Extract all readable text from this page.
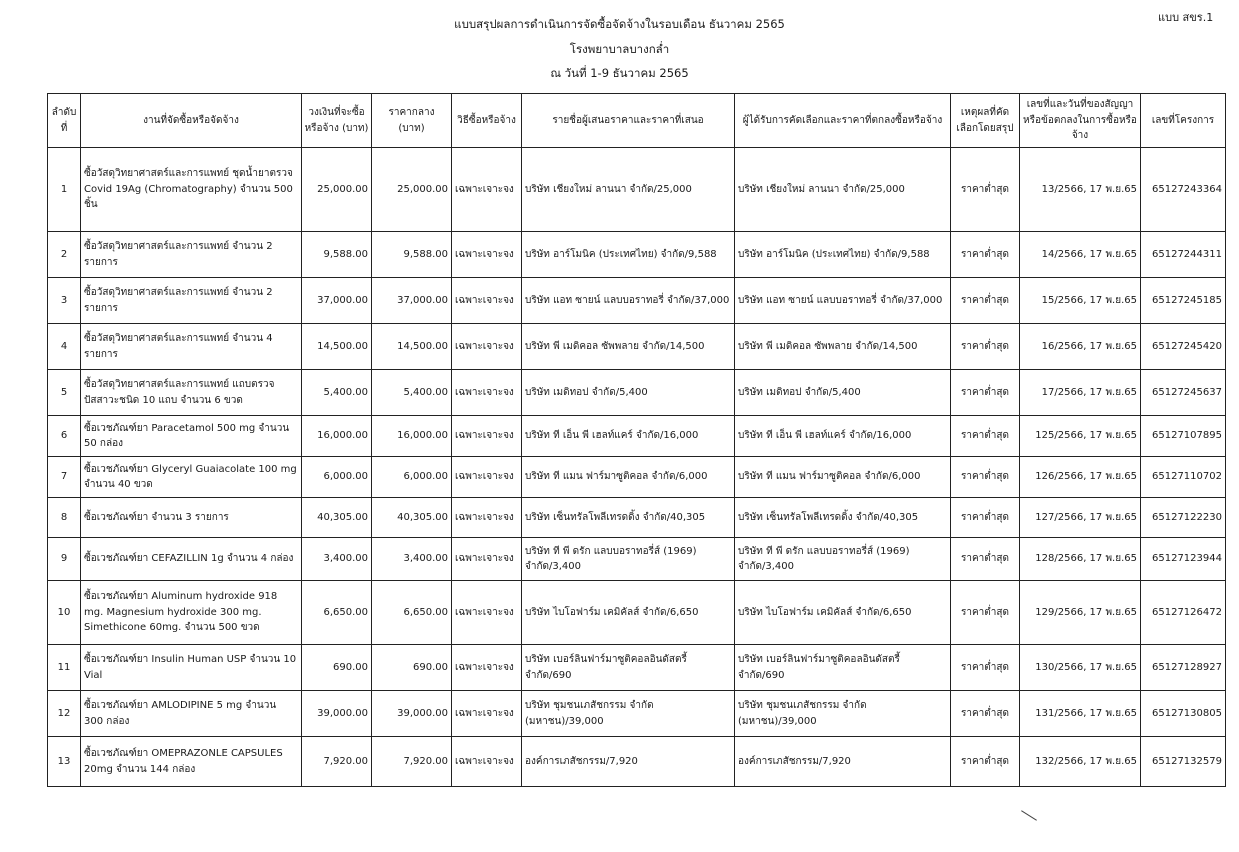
แบบ สขร.1
แบบสรุปผลการดำเนินการจัดซื้อจัดจ้างในรอบเดือน ธันวาคม 2565
โรงพยาบาลบางกล่ำ
ณ วันที่ 1-9 ธันวาคม 2565
ลำดับที่	งานที่จัดซื้อหรือจัดจ้าง	วงเงินที่จะซื้อหรือจ้าง (บาท)	ราคากลาง (บาท)	วิธีซื้อหรือจ้าง	รายชื่อผู้เสนอราคาและราคาที่เสนอ	ผู้ได้รับการคัดเลือกและราคาที่ตกลงซื้อหรือจ้าง	เหตุผลที่คัดเลือกโดยสรุป	เลขที่และวันที่ของสัญญาหรือข้อตกลงในการซื้อหรือจ้าง	เลขที่โครงการ
1	ซื้อวัสดุวิทยาศาสตร์และการแพทย์ ชุดน้ำยาตรวจ Covid 19Ag (Chromatography) จำนวน 500 ชิ้น	25,000.00	25,000.00	เฉพาะเจาะจง	บริษัท เชียงใหม่ ลานนา จำกัด/25,000	บริษัท เชียงใหม่ ลานนา จำกัด/25,000	ราคาต่ำสุด	13/2566, 17 พ.ย.65	65127243364
2	ซื้อวัสดุวิทยาศาสตร์และการแพทย์ จำนวน 2 รายการ	9,588.00	9,588.00	เฉพาะเจาะจง	บริษัท อาร์โมนิค (ประเทศไทย) จำกัด/9,588	บริษัท อาร์โมนิค (ประเทศไทย) จำกัด/9,588	ราคาต่ำสุด	14/2566, 17 พ.ย.65	65127244311
3	ซื้อวัสดุวิทยาศาสตร์และการแพทย์ จำนวน 2 รายการ	37,000.00	37,000.00	เฉพาะเจาะจง	บริษัท แอท ซายน์ แลบบอราทอรี่ จำกัด/37,000	บริษัท แอท ซายน์ แลบบอราทอรี่ จำกัด/37,000	ราคาต่ำสุด	15/2566, 17 พ.ย.65	65127245185
4	ซื้อวัสดุวิทยาศาสตร์และการแพทย์ จำนวน 4 รายการ	14,500.00	14,500.00	เฉพาะเจาะจง	บริษัท พี เมดิคอล ซัพพลาย จำกัด/14,500	บริษัท พี เมดิคอล ซัพพลาย จำกัด/14,500	ราคาต่ำสุด	16/2566, 17 พ.ย.65	65127245420
5	ซื้อวัสดุวิทยาศาสตร์และการแพทย์ แถบตรวจปัสสาวะชนิด 10 แถบ จำนวน 6 ขวด	5,400.00	5,400.00	เฉพาะเจาะจง	บริษัท เมดิทอป จำกัด/5,400	บริษัท เมดิทอป จำกัด/5,400	ราคาต่ำสุด	17/2566, 17 พ.ย.65	65127245637
6	ซื้อเวชภัณฑ์ยา Paracetamol 500 mg จำนวน 50 กล่อง	16,000.00	16,000.00	เฉพาะเจาะจง	บริษัท ที เอ็น พี เฮลท์แคร์ จำกัด/16,000	บริษัท ที เอ็น พี เฮลท์แคร์ จำกัด/16,000	ราคาต่ำสุด	125/2566, 17 พ.ย.65	65127107895
7	ซื้อเวชภัณฑ์ยา Glyceryl Guaiacolate 100 mg จำนวน 40 ขวด	6,000.00	6,000.00	เฉพาะเจาะจง	บริษัท ที แมน ฟาร์มาซูติคอล จำกัด/6,000	บริษัท ที แมน ฟาร์มาซูติคอล จำกัด/6,000	ราคาต่ำสุด	126/2566, 17 พ.ย.65	65127110702
8	ซื้อเวชภัณฑ์ยา จำนวน 3 รายการ	40,305.00	40,305.00	เฉพาะเจาะจง	บริษัท เซ็นทรัลโพลีเทรดดิ้ง จำกัด/40,305	บริษัท เซ็นทรัลโพลีเทรดดิ้ง จำกัด/40,305	ราคาต่ำสุด	127/2566, 17 พ.ย.65	65127122230
9	ซื้อเวชภัณฑ์ยา CEFAZILLIN 1g จำนวน 4 กล่อง	3,400.00	3,400.00	เฉพาะเจาะจง	บริษัท ที พี ดรัก แลบบอราทอรี่ส์ (1969) จำกัด/3,400	บริษัท ที พี ดรัก แลบบอราทอรี่ส์ (1969) จำกัด/3,400	ราคาต่ำสุด	128/2566, 17 พ.ย.65	65127123944
10	ซื้อเวชภัณฑ์ยา Aluminum hydroxide 918 mg. Magnesium hydroxide 300 mg. Simethicone 60mg. จำนวน 500 ขวด	6,650.00	6,650.00	เฉพาะเจาะจง	บริษัท ไบโอฟาร์ม เคมิคัลส์ จำกัด/6,650	บริษัท ไบโอฟาร์ม เคมิคัลส์ จำกัด/6,650	ราคาต่ำสุด	129/2566, 17 พ.ย.65	65127126472
11	ซื้อเวชภัณฑ์ยา Insulin Human USP จำนวน 10 Vial	690.00	690.00	เฉพาะเจาะจง	บริษัท เบอร์ลินฟาร์มาซูติคอลอินดัสตรี้ จำกัด/690	บริษัท เบอร์ลินฟาร์มาซูติคอลอินดัสตรี้ จำกัด/690	ราคาต่ำสุด	130/2566, 17 พ.ย.65	65127128927
12	ซื้อเวชภัณฑ์ยา AMLODIPINE 5 mg จำนวน 300 กล่อง	39,000.00	39,000.00	เฉพาะเจาะจง	บริษัท ชุมชนเภสัชกรรม จำกัด (มหาชน)/39,000	บริษัท ชุมชนเภสัชกรรม จำกัด (มหาชน)/39,000	ราคาต่ำสุด	131/2566, 17 พ.ย.65	65127130805
13	ซื้อเวชภัณฑ์ยา OMEPRAZONLE CAPSULES 20mg จำนวน 144 กล่อง	7,920.00	7,920.00	เฉพาะเจาะจง	องค์การเภสัชกรรม/7,920	องค์การเภสัชกรรม/7,920	ราคาต่ำสุด	132/2566, 17 พ.ย.65	65127132579
